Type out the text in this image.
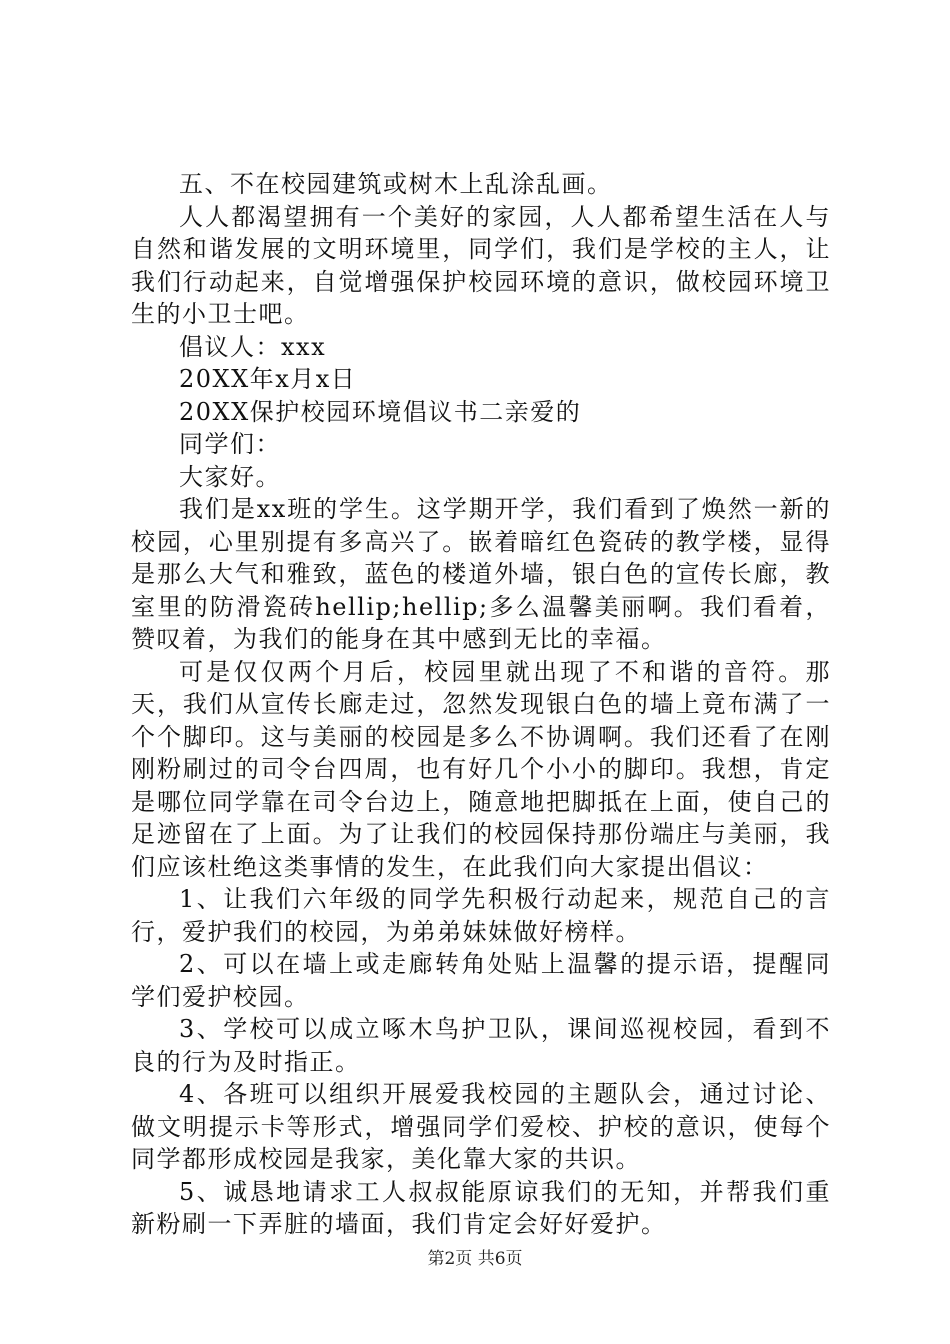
五、不在校园建筑或树木上乱涂乱画。

人人都渴望拥有一个美好的家园，人人都希望生活在人与自然和谐发展的文明环境里，同学们，我们是学校的主人，让我们行动起来，自觉增强保护校园环境的意识，做校园环境卫生的小卫士吧。

倡议人：xxx

20XX年x月x日

20XX保护校园环境倡议书二亲爱的

同学们：

大家好。

我们是xx班的学生。这学期开学，我们看到了焕然一新的校园，心里别提有多高兴了。嵌着暗红色瓷砖的教学楼，显得是那么大气和雅致，蓝色的楼道外墙，银白色的宣传长廊，教室里的防滑瓷砖hellip;hellip;多么温馨美丽啊。我们看着，赞叹着，为我们的能身在其中感到无比的幸福。

可是仅仅两个月后，校园里就出现了不和谐的音符。那天，我们从宣传长廊走过，忽然发现银白色的墙上竟布满了一个个脚印。这与美丽的校园是多么不协调啊。我们还看了在刚刚粉刷过的司令台四周，也有好几个小小的脚印。我想，肯定是哪位同学靠在司令台边上，随意地把脚抵在上面，使自己的足迹留在了上面。为了让我们的校园保持那份端庄与美丽，我们应该杜绝这类事情的发生，在此我们向大家提出倡议：

1、让我们六年级的同学先积极行动起来，规范自己的言行，爱护我们的校园，为弟弟妹妹做好榜样。

2、可以在墙上或走廊转角处贴上温馨的提示语，提醒同学们爱护校园。

3、学校可以成立啄木鸟护卫队，课间巡视校园，看到不良的行为及时指正。

4、各班可以组织开展爱我校园的主题队会，通过讨论、做文明提示卡等形式，增强同学们爱校、护校的意识，使每个同学都形成校园是我家，美化靠大家的共识。

5、诚恳地请求工人叔叔能原谅我们的无知，并帮我们重新粉刷一下弄脏的墙面，我们肯定会好好爱护。

第2页 共6页
